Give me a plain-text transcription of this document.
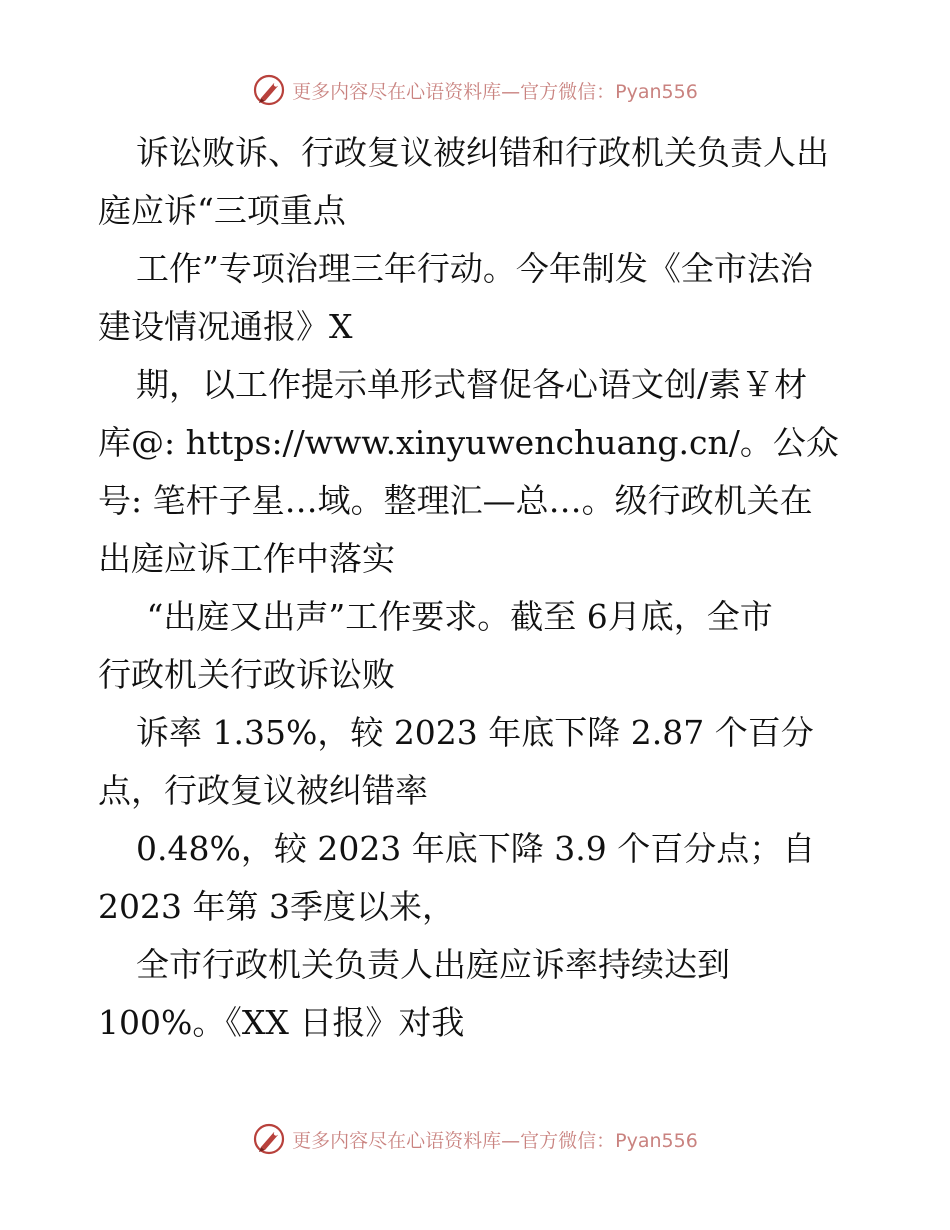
更多内容尽在心语资料库—官方微信：Pyan556
诉讼败诉、行政复议被纠错和行政机关负责人出
庭应诉“三项重点
工作”专项治理三年行动。今年制发《全市法治
建设情况通报》X
期，以工作提示单形式督促各心语文创/素￥材
库@: https://www.xinyuwenchuang.cn/。公众
号: 笔杆子星…域。整理汇—总…。级行政机关在
出庭应诉工作中落实
“出庭又出声”工作要求。截至 6月底，全市
行政机关行政诉讼败
诉率 1.35%，较 2023 年底下降 2.87 个百分
点，行政复议被纠错率
0.48%，较 2023 年底下降 3.9 个百分点；自
2023 年第 3季度以来，
全市行政机关负责人出庭应诉率持续达到
100%。《XX 日报》对我
更多内容尽在心语资料库—官方微信：Pyan556
